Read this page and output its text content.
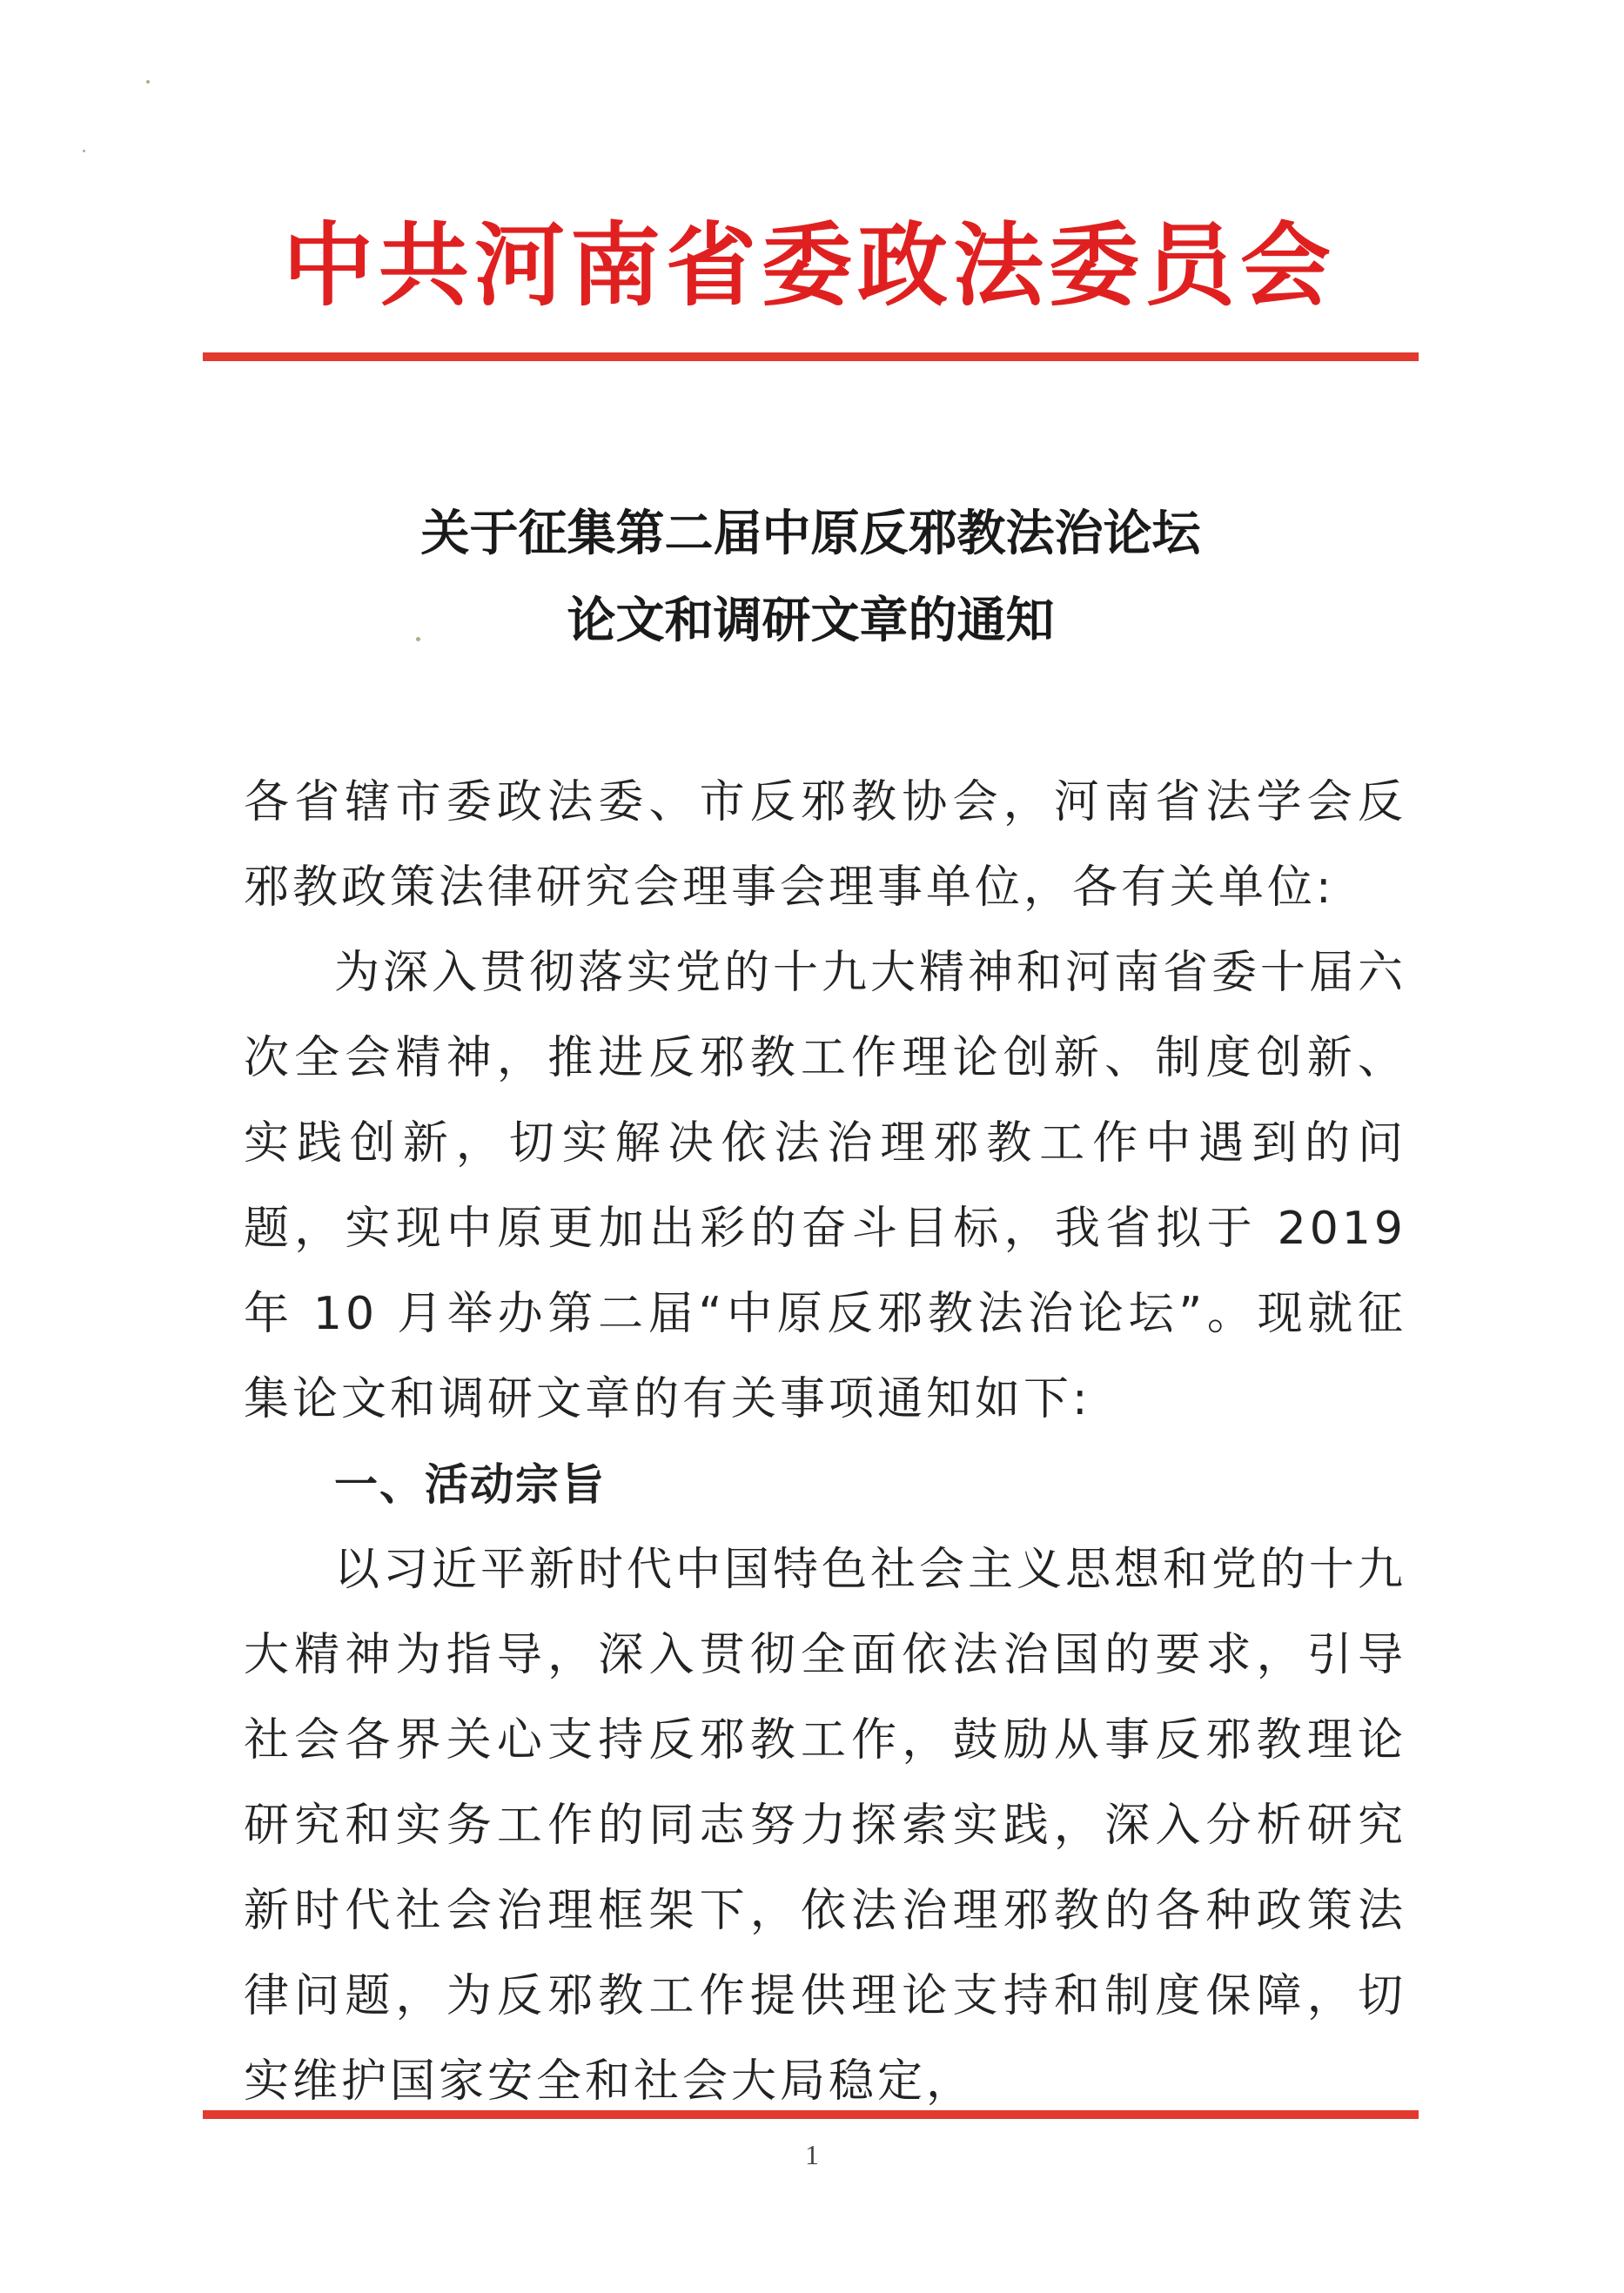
中共河南省委政法委员会
关于征集第二届中原反邪教法治论坛
论文和调研文章的通知

各省辖市委政法委、市反邪教协会，河南省法学会反邪教政策法律研究会理事会理事单位，各有关单位:

为深入贯彻落实党的十九大精神和河南省委十届六次全会精神，推进反邪教工作理论创新、制度创新、实践创新，切实解决依法治理邪教工作中遇到的问题，实现中原更加出彩的奋斗目标，我省拟于 2019 年 10 月举办第二届“中原反邪教法治论坛”。现就征集论文和调研文章的有关事项通知如下:

一、活动宗旨

以习近平新时代中国特色社会主义思想和党的十九大精神为指导，深入贯彻全面依法治国的要求，引导社会各界关心支持反邪教工作，鼓励从事反邪教理论研究和实务工作的同志努力探索实践，深入分析研究新时代社会治理框架下，依法治理邪教的各种政策法律问题，为反邪教工作提供理论支持和制度保障，切实维护国家安全和社会大局稳定，

1
